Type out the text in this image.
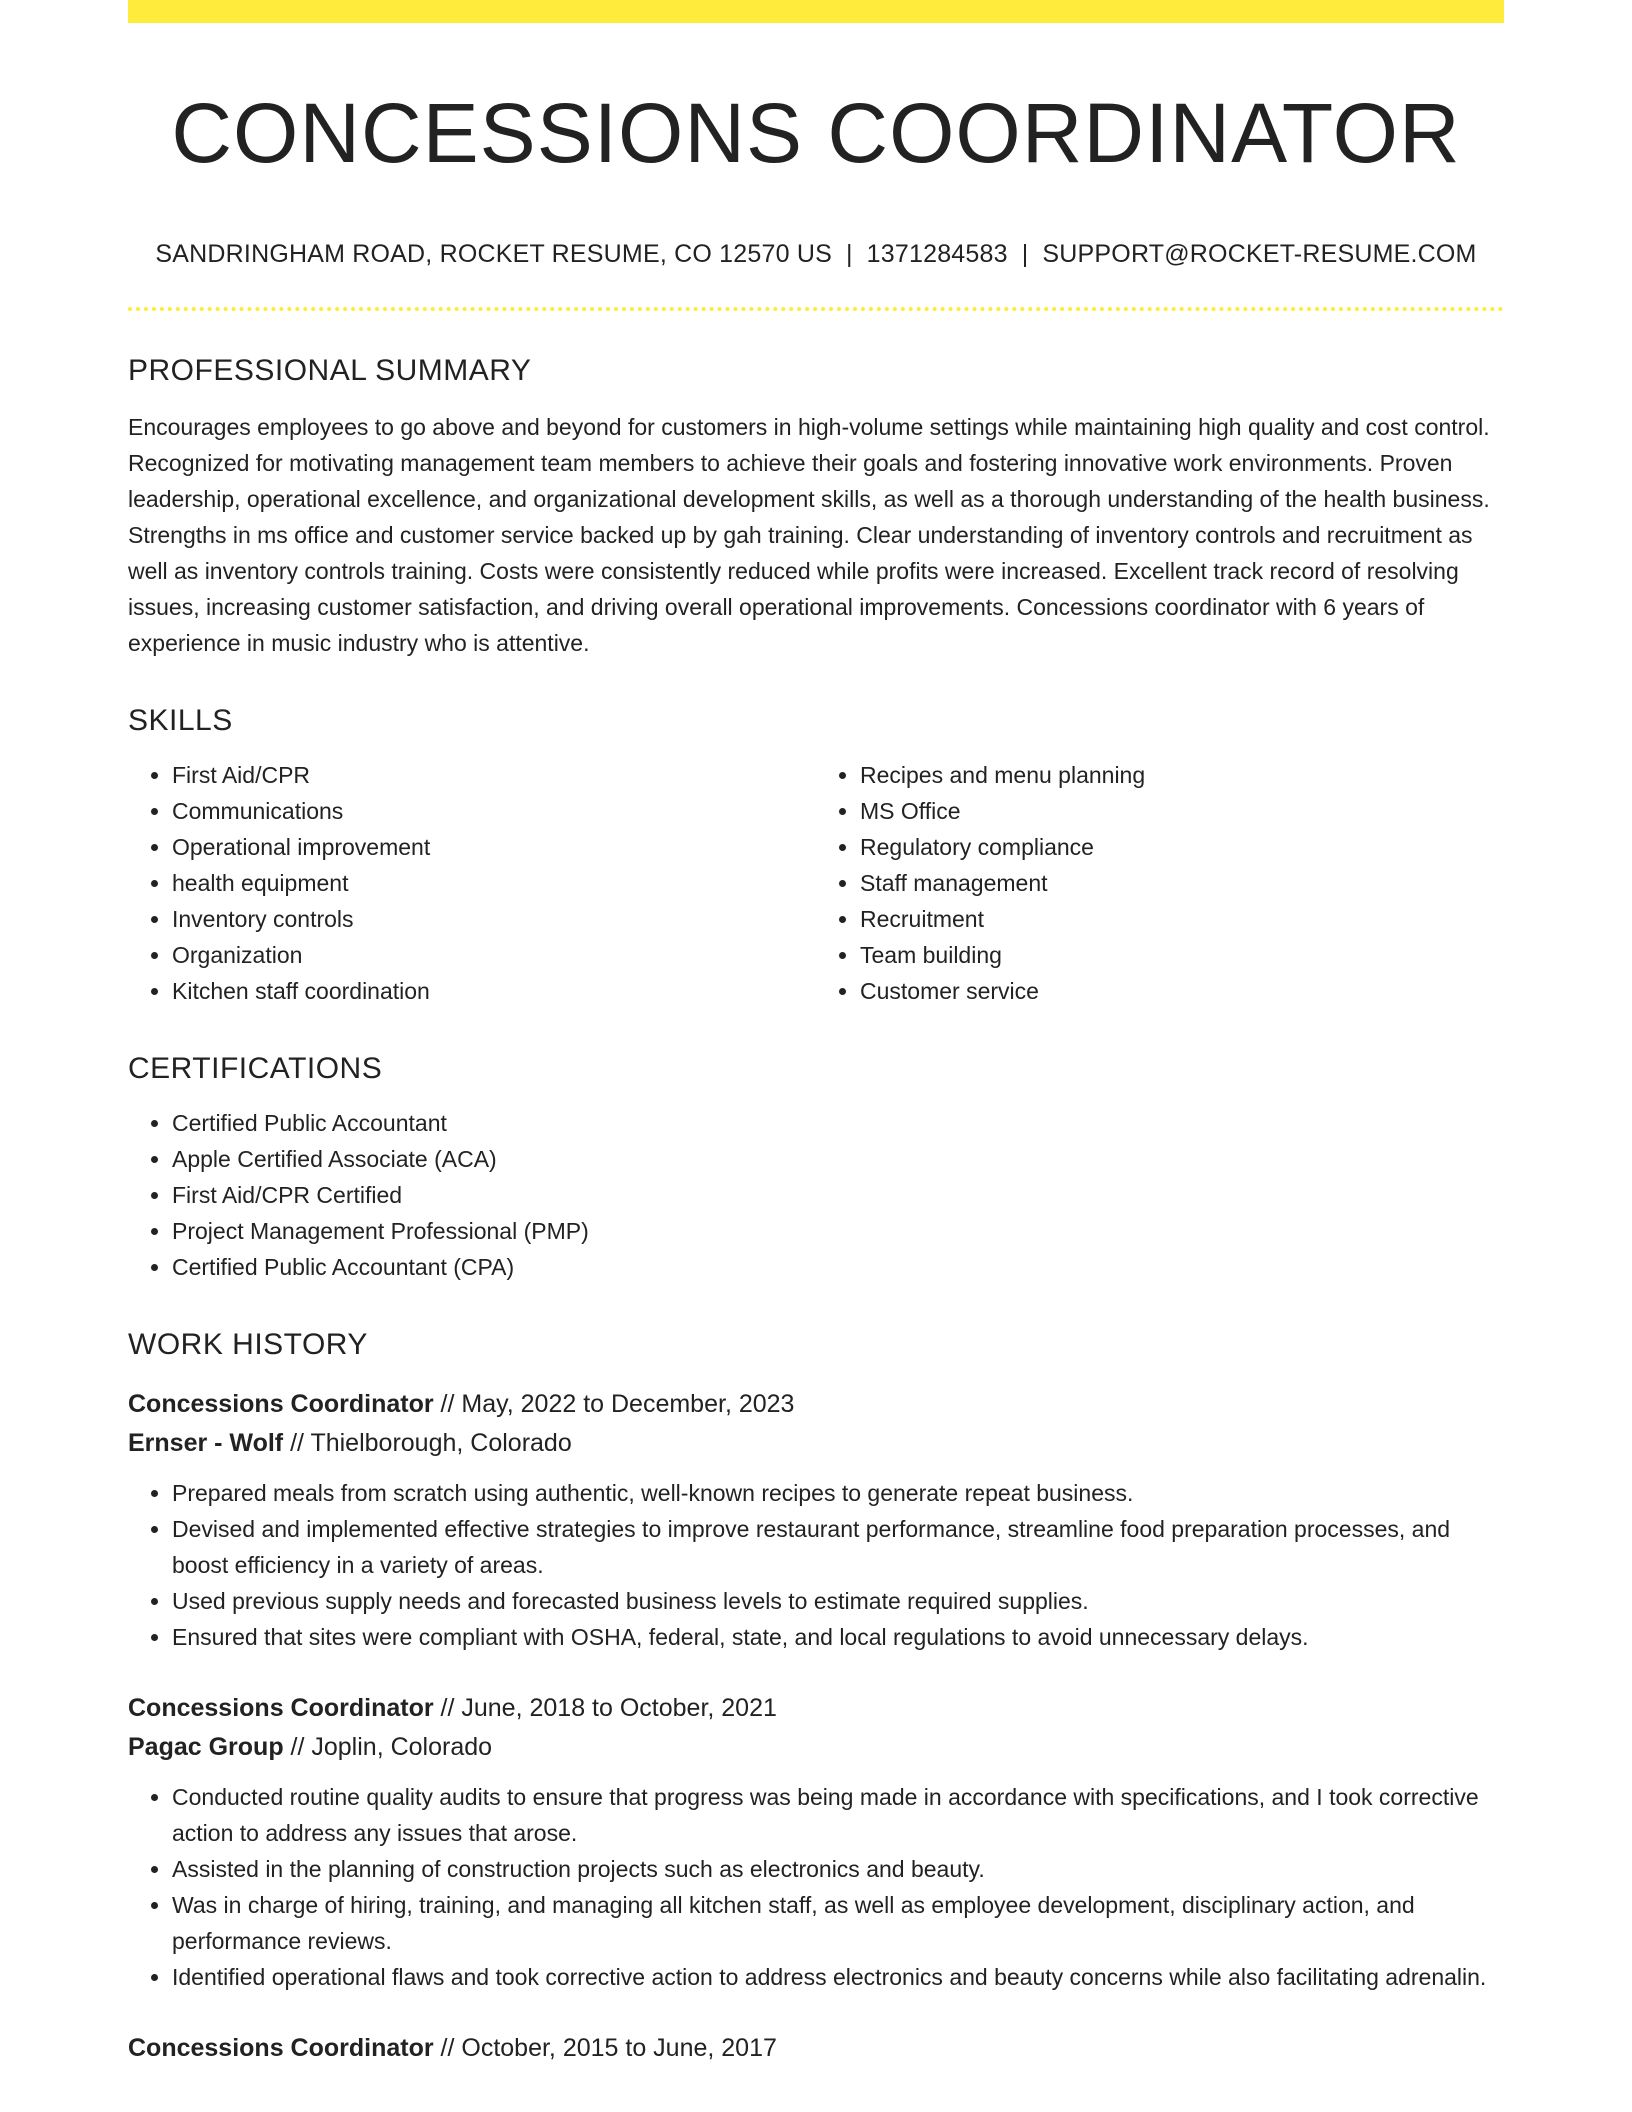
CONCESSIONS COORDINATOR
SANDRINGHAM ROAD, ROCKET RESUME, CO 12570 US | 1371284583 | SUPPORT@ROCKET-RESUME.COM
PROFESSIONAL SUMMARY

Encourages employees to go above and beyond for customers in high-volume settings while maintaining high quality and cost control. Recognized for motivating management team members to achieve their goals and fostering innovative work environments. Proven leadership, operational excellence, and organizational development skills, as well as a thorough understanding of the health business. Strengths in ms office and customer service backed up by gah training. Clear understanding of inventory controls and recruitment as well as inventory controls training. Costs were consistently reduced while profits were increased. Excellent track record of resolving issues, increasing customer satisfaction, and driving overall operational improvements. Concessions coordinator with 6 years of experience in music industry who is attentive.

SKILLS
• First Aid/CPR
• Communications
• Operational improvement
• health equipment
• Inventory controls
• Organization
• Kitchen staff coordination
• Recipes and menu planning
• MS Office
• Regulatory compliance
• Staff management
• Recruitment
• Team building
• Customer service
CERTIFICATIONS
• Certified Public Accountant
• Apple Certified Associate (ACA)
• First Aid/CPR Certified
• Project Management Professional (PMP)
• Certified Public Accountant (CPA)
WORK HISTORY
Concessions Coordinator // May, 2022 to December, 2023
Ernser - Wolf // Thielborough, Colorado
• Prepared meals from scratch using authentic, well-known recipes to generate repeat business.
• Devised and implemented effective strategies to improve restaurant performance, streamline food preparation processes, and boost efficiency in a variety of areas.
• Used previous supply needs and forecasted business levels to estimate required supplies.
• Ensured that sites were compliant with OSHA, federal, state, and local regulations to avoid unnecessary delays.
Concessions Coordinator // June, 2018 to October, 2021
Pagac Group // Joplin, Colorado
• Conducted routine quality audits to ensure that progress was being made in accordance with specifications, and I took corrective action to address any issues that arose.
• Assisted in the planning of construction projects such as electronics and beauty.
• Was in charge of hiring, training, and managing all kitchen staff, as well as employee development, disciplinary action, and performance reviews.
• Identified operational flaws and took corrective action to address electronics and beauty concerns while also facilitating adrenalin.
Concessions Coordinator // October, 2015 to June, 2017
